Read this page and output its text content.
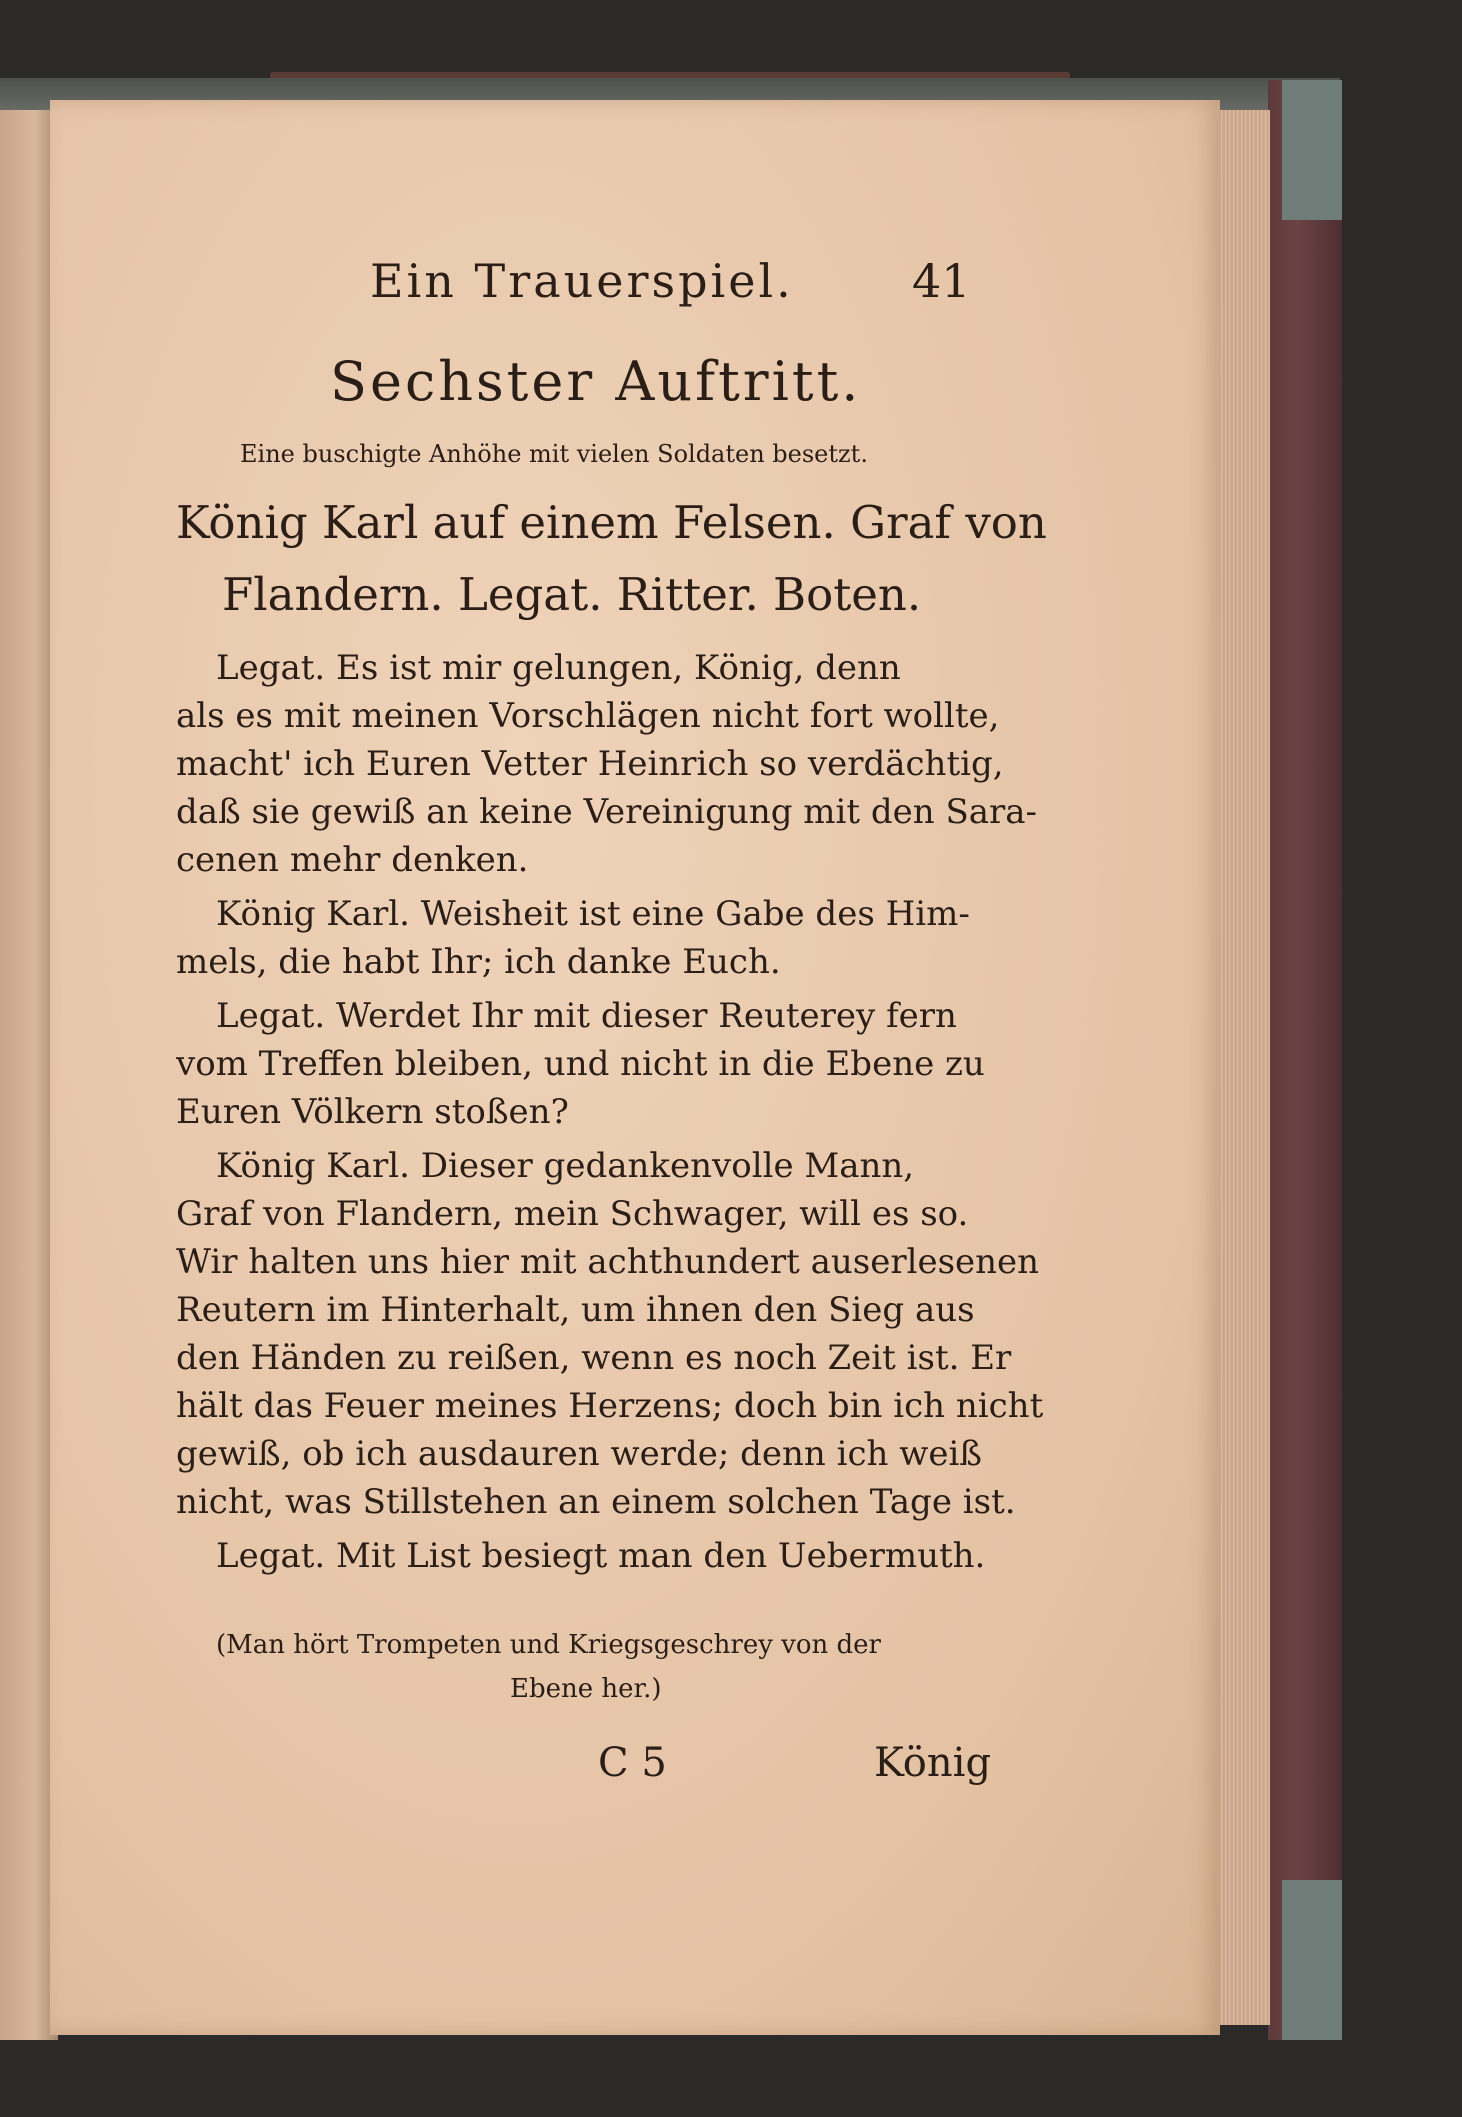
Ein Trauerspiel.	41
Sechster Auftritt.
Eine buschigte Anhöhe mit vielen Soldaten besetzt.
König Karl auf einem Felsen. Graf von
Flandern. Legat. Ritter. Boten.
Legat. Es ist mir gelungen, König, denn
als es mit meinen Vorschlägen nicht fort wollte,
macht' ich Euren Vetter Heinrich so verdächtig,
daß sie gewiß an keine Vereinigung mit den Sara-
cenen mehr denken.
König Karl. Weisheit ist eine Gabe des Him-
mels, die habt Ihr; ich danke Euch.
Legat. Werdet Ihr mit dieser Reuterey fern
vom Treffen bleiben, und nicht in die Ebene zu
Euren Völkern stoßen?
König Karl. Dieser gedankenvolle Mann,
Graf von Flandern, mein Schwager, will es so.
Wir halten uns hier mit achthundert auserlesenen
Reutern im Hinterhalt, um ihnen den Sieg aus
den Händen zu reißen, wenn es noch Zeit ist. Er
hält das Feuer meines Herzens; doch bin ich nicht
gewiß, ob ich ausdauren werde; denn ich weiß
nicht, was Stillstehen an einem solchen Tage ist.
Legat. Mit List besiegt man den Uebermuth.
(Man hört Trompeten und Kriegsgeschrey von der
Ebene her.)
C 5	König
